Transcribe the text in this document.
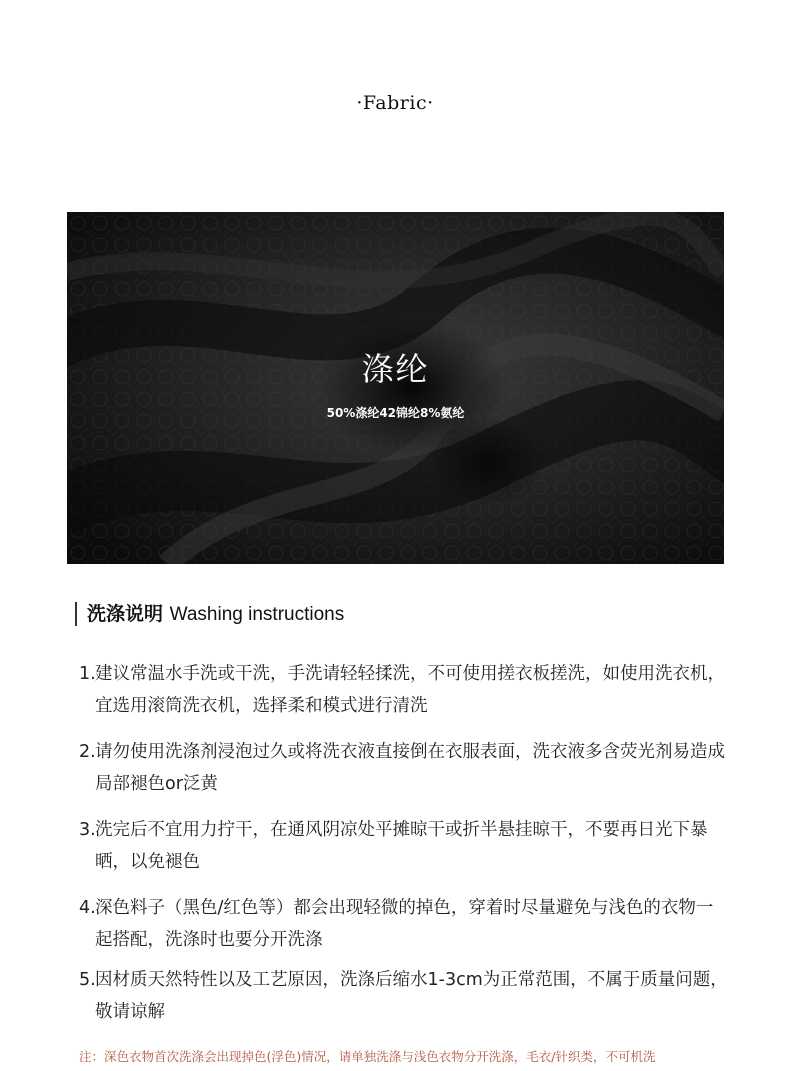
·Fabric·
涤纶
50%涤纶42锦纶8%氨纶
洗涤说明 Washing instructions
1. 建议常温水手洗或干洗，手洗请轻轻揉洗，不可使用搓衣板搓洗，如使用洗衣机，宜选用滚筒洗衣机，选择柔和模式进行清洗
2. 请勿使用洗涤剂浸泡过久或将洗衣液直接倒在衣服表面，洗衣液多含荧光剂易造成局部褪色or泛黄
3. 洗完后不宜用力拧干，在通风阴凉处平摊晾干或折半悬挂晾干，不要再日光下暴晒，以免褪色
4. 深色料子（黑色/红色等）都会出现轻微的掉色，穿着时尽量避免与浅色的衣物一起搭配，洗涤时也要分开洗涤
5. 因材质天然特性以及工艺原因，洗涤后缩水1-3cm为正常范围，不属于质量问题，敬请谅解
注：深色衣物首次洗涤会出现掉色(浮色)情况，请单独洗涤与浅色衣物分开洗涤，毛衣/针织类，不可机洗
